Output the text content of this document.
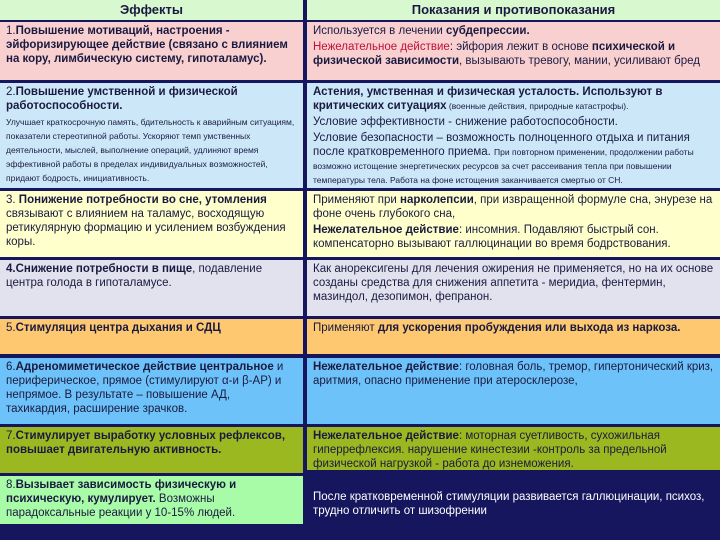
Эффекты	Показания и противопоказания
1.Повышение мотиваций, настроения - эйфоризирующее действие (связано с влиянием на кору, лимбическую систему, гипоталамус).
Используется в лечении субдепрессии.
Нежелательное действие: эйфория лежит в основе психической и физической зависимости, вызывають тревогу, мании, усиливают бред
2.Повышение умственной и физической работоспособности.
Улучшает краткосрочную память, бдительность к аварийным ситуациям, показатели стереотипной работы. Ускоряют темп умственных деятельности, мыслей, выполнение операций, удлиняют время эффективной работы в пределах индивидуальных возможностей, придают бодрость, инициативность.
Астения, умственная и физическая усталость. Используют в критических ситуациях (военные действия, природные катастрофы).
Условие эффективности - снижение работоспособности.
Условие безопасности – возможность полноценного отдыха и питания после кратковременного приема. При повторном применении, продолжении работы возможно истощение энергетических ресурсов за счет рассеивания тепла при повышении температуры тела. Работа на фоне истощения заканчивается смертью от СН.
3. Понижение потребности во сне, утомления связывают с влиянием на таламус, восходящую ретикулярную формацию и усилением возбуждения коры.
Применяют при нарколепсии, при извращенной формуле сна, энурезе на фоне очень глубокого сна,
Нежелательное действие: инсомния. Подавляют быстрый сон. компенсаторно вызывают галлюцинации во время бодрствования.
4.Снижение потребности в пище, подавление центра голода в гипоталамусе.
Как анорексигены для лечения ожирения не применяется, но на их основе созданы средства для снижения аппетита - меридиа, фентермин, мазиндол, дезопимон, фепранон.
5.Стимуляция центра дыхания и СДЦ	Применяют для ускорения пробуждения или выхода из наркоза.
6.Адреномиметическое действие центральное и периферическое, прямое (стимулируют α-и β-АР) и непрямое. В результате – повышение АД, тахикардия, расширение зрачков.
Нежелательное действие: головная боль, тремор, гипертонический криз, аритмия, опасно применение при атеросклерозе,
7.Стимулирует выработку условных рефлексов, повышает двигательную активность.
Нежелательное действие: моторная суетливость, сухожильная гиперрефлексия. нарушение кинестезии -контроль за предельной физической нагрузкой - работа до изнеможения.
8.Вызывает зависимость физическую и психическую, кумулирует. Возможны парадоксальные реакции у 10-15% людей.
После кратковременной стимуляции развивается галлюцинации, психоз, трудно отличить от шизофрении
